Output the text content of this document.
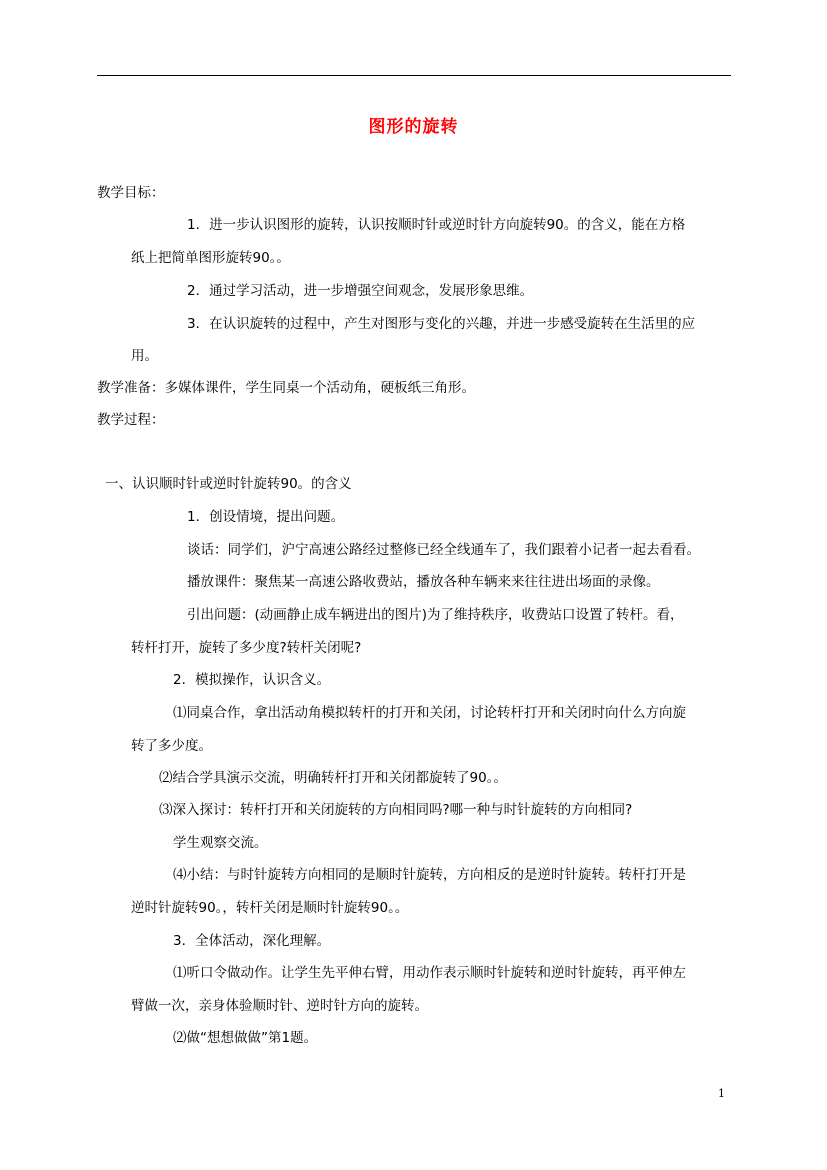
图形的旋转
教学目标：
1．进一步认识图形的旋转，认识按顺时针或逆时针方向旋转90。的含义，能在方格
纸上把简单图形旋转90。。
2．通过学习活动，进一步增强空间观念，发展形象思维。
3．在认识旋转的过程中，产生对图形与变化的兴趣，并进一步感受旋转在生活里的应
用。
教学准备：多媒体课件，学生同桌一个活动角，硬板纸三角形。
教学过程：
一、认识顺时针或逆时针旋转90。的含义
1．创设情境，提出问题。
谈话：同学们，沪宁高速公路经过整修已经全线通车了，我们跟着小记者一起去看看。
播放课件：聚焦某一高速公路收费站，播放各种车辆来来往往进出场面的录像。
引出问题：(动画静止成车辆进出的图片)为了维持秩序，收费站口设置了转杆。看，
转杆打开，旋转了多少度?转杆关闭呢?
2．模拟操作，认识含义。
⑴同桌合作，拿出活动角模拟转杆的打开和关闭，讨论转杆打开和关闭时向什么方向旋
转了多少度。
⑵结合学具演示交流，明确转杆打开和关闭都旋转了90。。
⑶深入探讨：转杆打开和关闭旋转的方向相同吗?哪一种与时针旋转的方向相同?
学生观察交流。
⑷小结：与时针旋转方向相同的是顺时针旋转，方向相反的是逆时针旋转。转杆打开是
逆时针旋转90。，转杆关闭是顺时针旋转90。。
3．全体活动，深化理解。
⑴听口令做动作。让学生先平伸右臂，用动作表示顺时针旋转和逆时针旋转，再平伸左
臂做一次，亲身体验顺时针、逆时针方向的旋转。
⑵做“想想做做”第1题。
1
